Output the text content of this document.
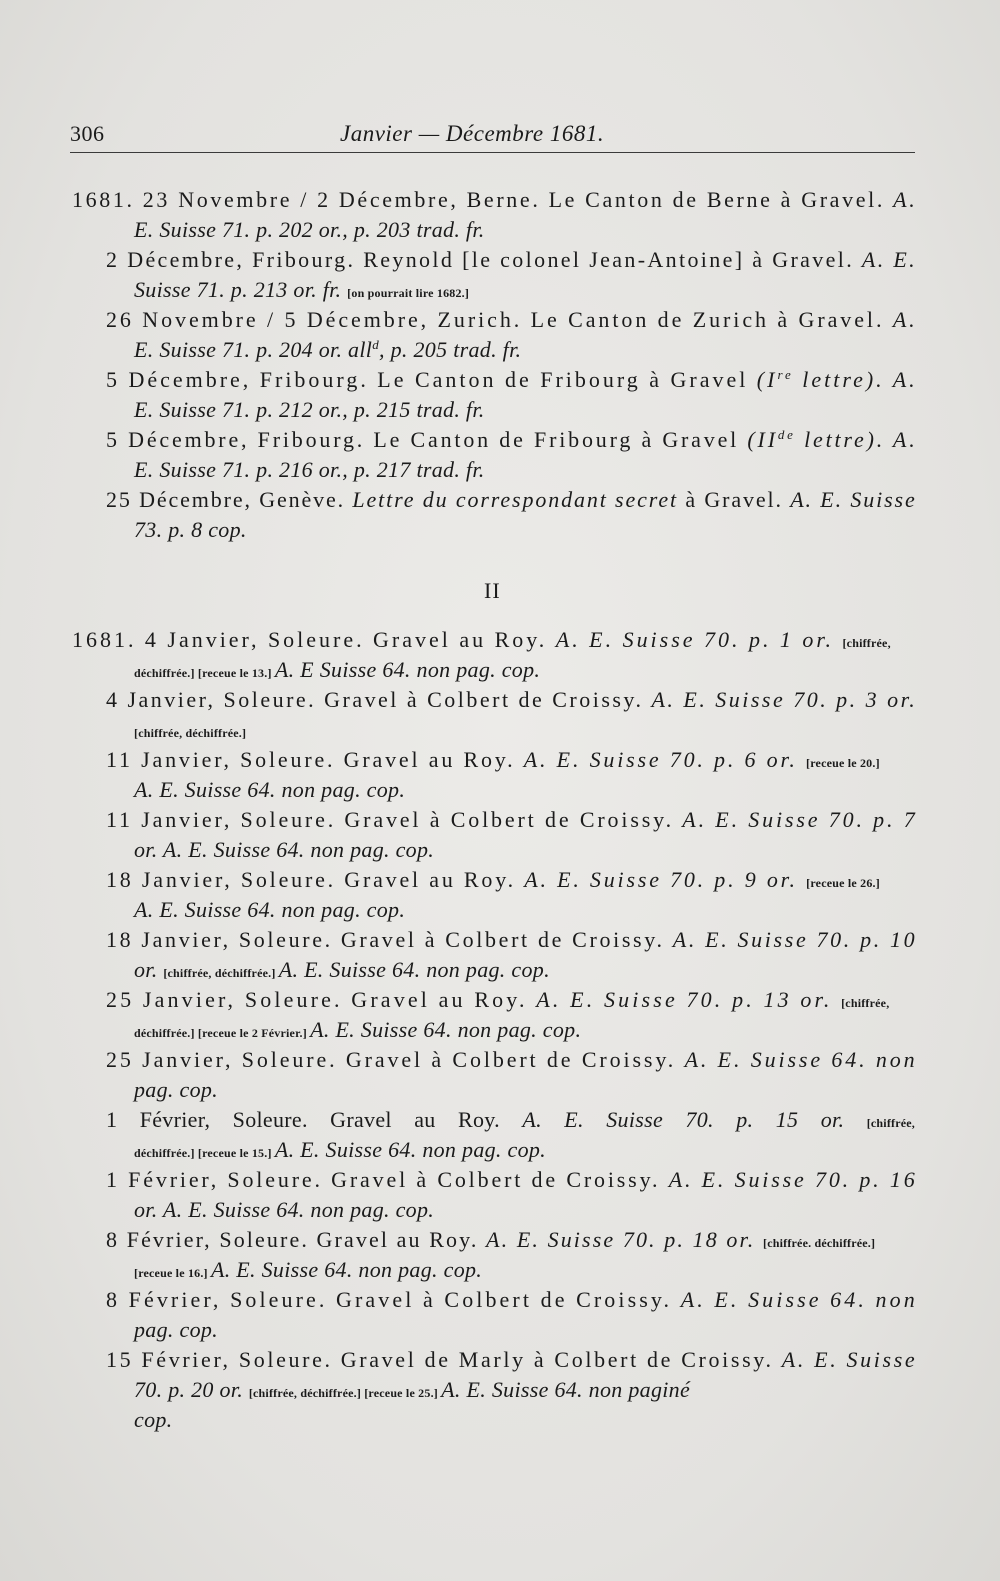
306	Janvier — Décembre 1681.
II
1681. 23 Novembre / 2 Décembre, Berne. Le Canton de Berne à Gravel. A.
E. Suisse 71. p. 202 or., p. 203 trad. fr.
2 Décembre, Fribourg. Reynold [le colonel Jean-Antoine] à Gravel. A. E.
Suisse 71. p. 213 or. fr. [on pourrait lire 1682.]
26 Novembre / 5 Décembre, Zurich. Le Canton de Zurich à Gravel. A.
E. Suisse 71. p. 204 or. all$^d$, p. 205 trad. fr.
5 Décembre, Fribourg. Le Canton de Fribourg à Gravel (Ire lettre). A.
E. Suisse 71. p. 212 or., p. 215 trad. fr.
5 Décembre, Fribourg. Le Canton de Fribourg à Gravel (IIde lettre). A.
E. Suisse 71. p. 216 or., p. 217 trad. fr.
25 Décembre, Genève. Lettre du correspondant secret à Gravel. A. E. Suisse
73. p. 8 cop.
1681. 4 Janvier, Soleure. Gravel au Roy. A. E. Suisse 70. p. 1 or. [chiffrée,
déchiffrée.] [receue le 13.] A. E Suisse 64. non pag. cop.
4 Janvier, Soleure. Gravel à Colbert de Croissy. A. E. Suisse 70. p. 3 or.
[chiffrée, déchiffrée.]
11 Janvier, Soleure. Gravel au Roy. A. E. Suisse 70. p. 6 or. [receue le 20.]
A. E. Suisse 64. non pag. cop.
11 Janvier, Soleure. Gravel à Colbert de Croissy. A. E. Suisse 70. p. 7
or. A. E. Suisse 64. non pag. cop.
18 Janvier, Soleure. Gravel au Roy. A. E. Suisse 70. p. 9 or. [receue le 26.]
A. E. Suisse 64. non pag. cop.
18 Janvier, Soleure. Gravel à Colbert de Croissy. A. E. Suisse 70. p. 10
or. [chiffrée, déchiffrée.] A. E. Suisse 64. non pag. cop.
25 Janvier, Soleure. Gravel au Roy. A. E. Suisse 70. p. 13 or. [chiffrée,
déchiffrée.] [receue le 2 Février.] A. E. Suisse 64. non pag. cop.
25 Janvier, Soleure. Gravel à Colbert de Croissy. A. E. Suisse 64. non
pag. cop.
1 Février, Soleure. Gravel au Roy. A. E. Suisse 70. p. 15 or. [chiffrée,
déchiffrée.] [receue le 15.] A. E. Suisse 64. non pag. cop.
1 Février, Soleure. Gravel à Colbert de Croissy. A. E. Suisse 70. p. 16
or. A. E. Suisse 64. non pag. cop.
8 Février, Soleure. Gravel au Roy. A. E. Suisse 70. p. 18 or. [chiffrée. déchiffrée.]
[receue le 16.] A. E. Suisse 64. non pag. cop.
8 Février, Soleure. Gravel à Colbert de Croissy. A. E. Suisse 64. non
pag. cop.
15 Février, Soleure. Gravel de Marly à Colbert de Croissy. A. E. Suisse
70. p. 20 or. [chiffrée, déchiffrée.] [receue le 25.] A. E. Suisse 64. non paginé
cop.
